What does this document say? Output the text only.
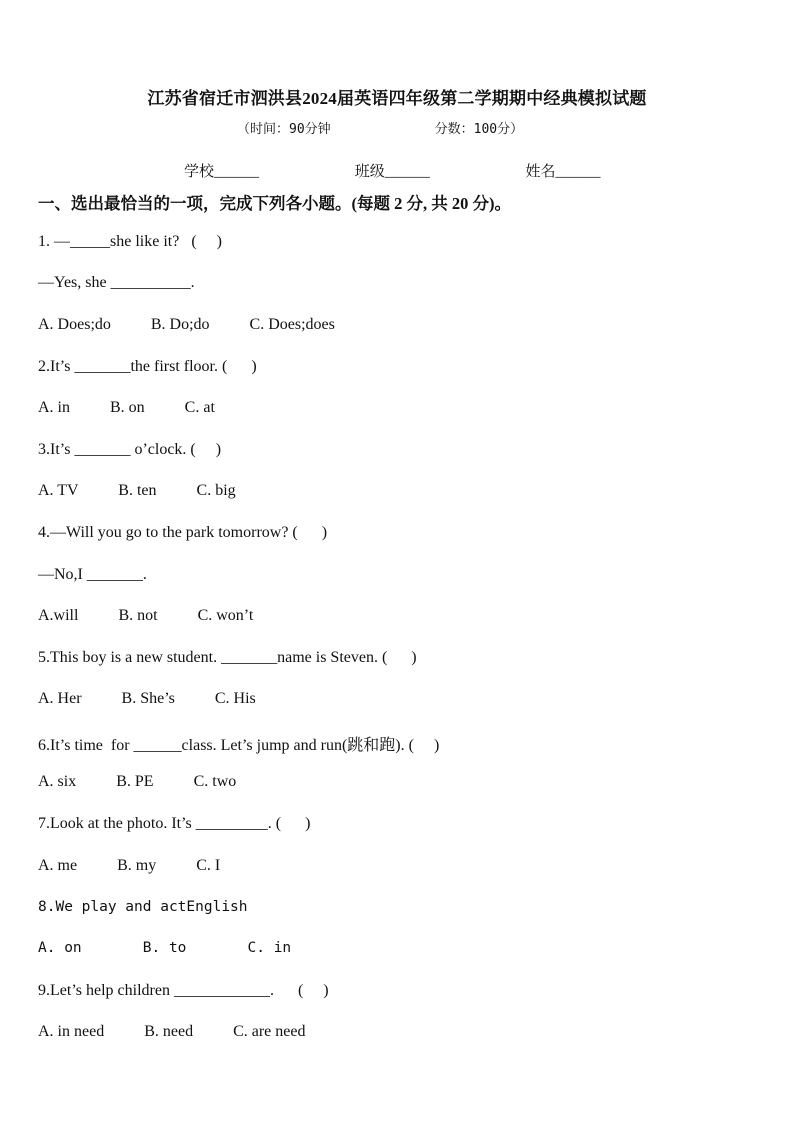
江苏省宿迁市泗洪县2024届英语四年级第二学期期中经典模拟试题
（时间：90分钟	分数：100分）
学校______	班级______	姓名______
一、选出最恰当的一项，完成下列各小题。(每题 2 分, 共 20 分)。
1. —_____she like it?   (     )
—Yes, she __________.
A. Does;do          B. Do;do          C. Does;does
2.It’s _______the first floor. (      )
A. in          B. on          C. at
3.It’s _______ o’clock. (     )
A. TV          B. ten          C. big
4.—Will you go to the park tomorrow? (      )
—No,I _______.
A.will          B. not          C. won’t
5.This boy is a new student. _______name is Steven. (      )
A. Her          B. She’s          C. His
6.It’s time  for ______class. Let’s jump and run(跳和跑). (     )
A. six          B. PE          C. two
7.Look at the photo. It’s _________. (      )
A. me          B. my          C. I
8.We play and actEnglish
A. on       B. to       C. in
9.Let’s help children ____________.      (     )
A. in need          B. need          C. are need
